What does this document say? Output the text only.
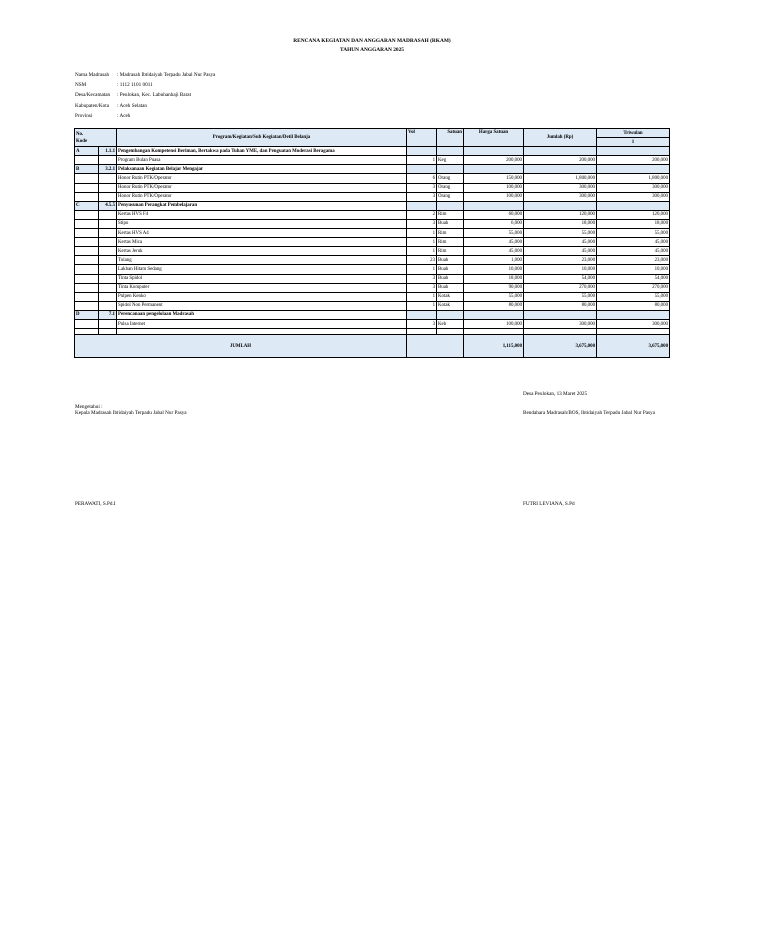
RENCANA KEGIATAN DAN ANGGARAN MADRASAH (RKAM)
TAHUN ANGGARAN 2025
Nama Madrasah : Madrasah Ibtidaiyah Terpadu Jabal Nur Pasya
NSM	: 1112 1101 0011
Desa/Kecamatan : Peulokan, Kec. Labuhanhaji Barat
Kabupaten/Kota : Aceh Selatan
Provinsi	: Aceh
No.
Kode		Program/Kegiatan/Sub Kegiatan/Detil Belanja	Vol	Satuan	Harga Satuan	Jumlah (Rp)	Triwulan
							1
A	1.1.1	Pengembangan Kompetensi Beriman, Bertakwa pada Tuhan YME, dan Penguatan Moderasi Beragama					
		Program Bulan Puasa	1	Keg	200,000	200,000	200,000
B	3.2.1	Pelaksanaan Kegiatan Belajar Mengajar					
		Honor Rutin PTK/Operator	6	Orang	150,000	1,800,000	1,800,000
		Honor Rutin PTK/Operator	3	Orang	100,000	300,000	300,000
		Honor Rutin PTK/Operator	3	Orang	100,000	300,000	300,000
C	4.5.5	Penyusunan Perangkat Pembelajaran					
		Kertas HVS F4	2	Rim	60,000	120,000	120,000
		Stipo	3	Buah	6,000	18,000	18,000
		Kertas HVS A4	1	Rim	55,000	55,000	55,000
		Kertas Mica	1	Rim	45,000	45,000	45,000
		Kertas Jeruk	1	Rim	45,000	45,000	45,000
		Tulang	23	Buah	1,000	23,000	23,000
		Lakban Hitam Sedang	1	Buah	10,000	10,000	10,000
		Tinta Spidol	3	Buah	18,000	54,000	54,000
		Tinta Komputer	3	Buah	90,000	270,000	270,000
		Pulpen Kenko	1	Kotak	55,000	55,000	55,000
		Spidol Non Permanent	1	Kotak	80,000	80,000	80,000
D	7.1	Perencanaan pengelolaan Madrasah					
		Pulsa Internet	3	Keb	100,000	300,000	300,000

JUMLAH					1,115,000	3,675,000	3,675,000
Desa Peulokan, 13 Maret 2025
Mengetahui :
Kepala Madrasah Ibtidaiyah Terpadu Jabal Nur Pasya	Bendahara Madrasah/BOS, Ibtidaiyah Terpadu Jabal Nur Pasya
PERAWATI, S.Pd.I	FUTRI LEVIANA, S.Pd
